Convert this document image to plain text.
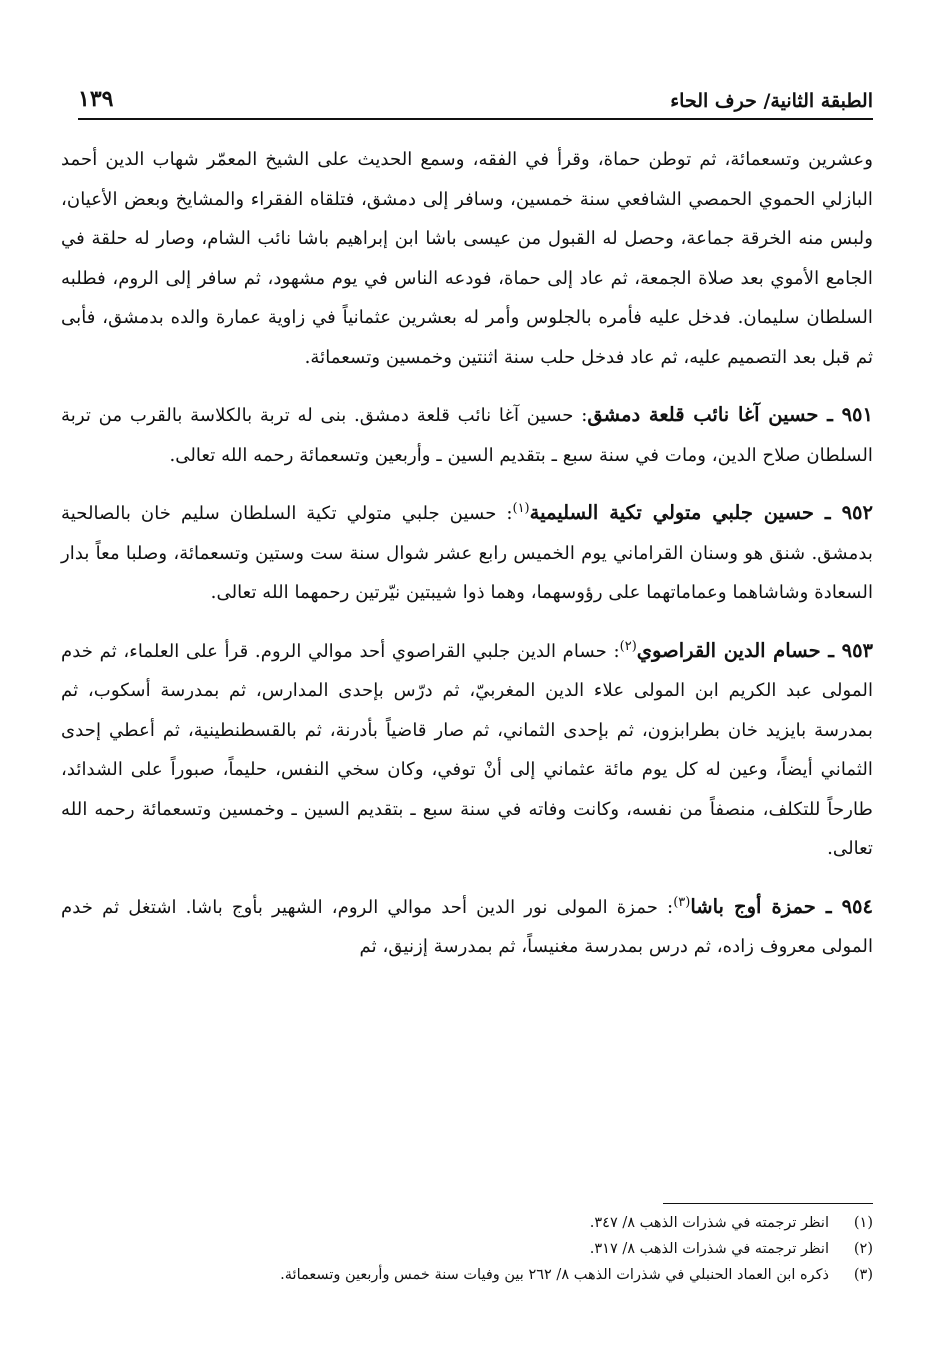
الطبقة الثانية/ حرف الحاء
١٣٩

وعشرين وتسعمائة، ثم توطن حماة، وقرأ في الفقه، وسمع الحديث على الشيخ المعمّر شهاب الدين أحمد البازلي الحموي الحمصي الشافعي سنة خمسين، وسافر إلى دمشق، فتلقاه الفقراء والمشايخ وبعض الأعيان، ولبس منه الخرقة جماعة، وحصل له القبول من عيسى باشا ابن إبراهيم باشا نائب الشام، وصار له حلقة في الجامع الأموي بعد صلاة الجمعة، ثم عاد إلى حماة، فودعه الناس في يوم مشهود، ثم سافر إلى الروم، فطلبه السلطان سليمان. فدخل عليه فأمره بالجلوس وأمر له بعشرين عثمانياً في زاوية عمارة والده بدمشق، فأبى ثم قبل بعد التصميم عليه، ثم عاد فدخل حلب سنة اثنتين وخمسين وتسعمائة.

٩٥١ ـ حسين آغا نائب قلعة دمشق: حسين آغا نائب قلعة دمشق. بنى له تربة بالكلاسة بالقرب من تربة السلطان صلاح الدين، ومات في سنة سبع ـ بتقديم السين ـ وأربعين وتسعمائة رحمه الله تعالى.

٩٥٢ ـ حسين جلبي متولي تكية السليمية$^{(١)}$: حسين جلبي متولي تكية السلطان سليم خان بالصالحية بدمشق. شنق هو وسنان القراماني يوم الخميس رابع عشر شوال سنة ست وستين وتسعمائة، وصلبا معاً بدار السعادة وشاشاهما وعماماتهما على رؤوسهما، وهما ذوا شيبتين نيّرتين رحمهما الله تعالى.

٩٥٣ ـ حسام الدين القراصوي$^{(٢)}$: حسام الدين جلبي القراصوي أحد موالي الروم. قرأ على العلماء، ثم خدم المولى عبد الكريم ابن المولى علاء الدين المغربيّ، ثم درّس بإحدى المدارس، ثم بمدرسة أسكوب، ثم بمدرسة بايزيد خان بطرابزون، ثم بإحدى الثماني، ثم صار قاضياً بأدرنة، ثم بالقسطنطينية، ثم أعطي إحدى الثماني أيضاً، وعين له كل يوم مائة عثماني إلى أنْ توفي، وكان سخي النفس، حليماً، صبوراً على الشدائد، طارحاً للتكلف، منصفاً من نفسه، وكانت وفاته في سنة سبع ـ بتقديم السين ـ وخمسين وتسعمائة رحمه الله تعالى.

٩٥٤ ـ حمزة أوج باشا$^{(٣)}$: حمزة المولى نور الدين أحد موالي الروم، الشهير بأوج باشا. اشتغل ثم خدم المولى معروف زاده، ثم درس بمدرسة مغنيساً، ثم بمدرسة إزنيق، ثم

(١)انظر ترجمته في شذرات الذهب ٨/ ٣٤٧.

(٢)انظر ترجمته في شذرات الذهب ٨/ ٣١٧.

(٣)ذكره ابن العماد الحنبلي في شذرات الذهب ٨/ ٢٦٢ بين وفيات سنة خمس وأربعين وتسعمائة.
